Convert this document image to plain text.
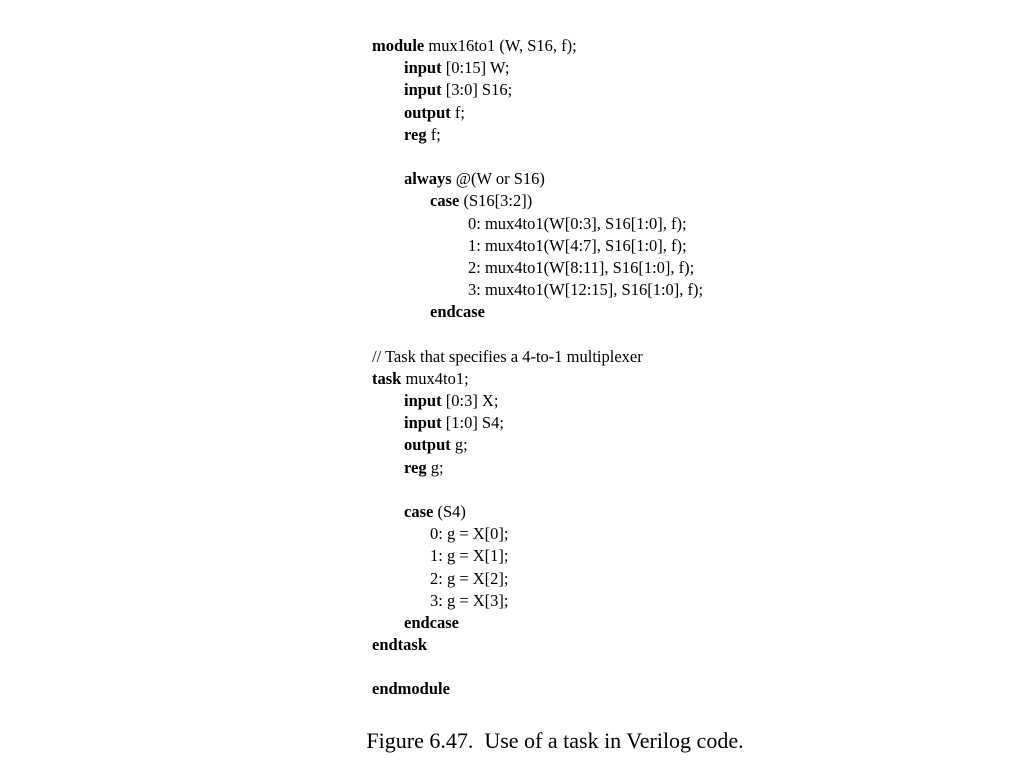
module mux16to1 (W, S16, f);
input [0:15] W;
input [3:0] S16;
output f;
reg f;
always @(W or S16)
case (S16[3:2])
0: mux4to1(W[0:3], S16[1:0], f);
1: mux4to1(W[4:7], S16[1:0], f);
2: mux4to1(W[8:11], S16[1:0], f);
3: mux4to1(W[12:15], S16[1:0], f);
endcase
// Task that specifies a 4-to-1 multiplexer
task mux4to1;
input [0:3] X;
input [1:0] S4;
output g;
reg g;
case (S4)
0: g = X[0];
1: g = X[1];
2: g = X[2];
3: g = X[3];
endcase
endtask
endmodule
Figure 6.47.  Use of a task in Verilog code.
